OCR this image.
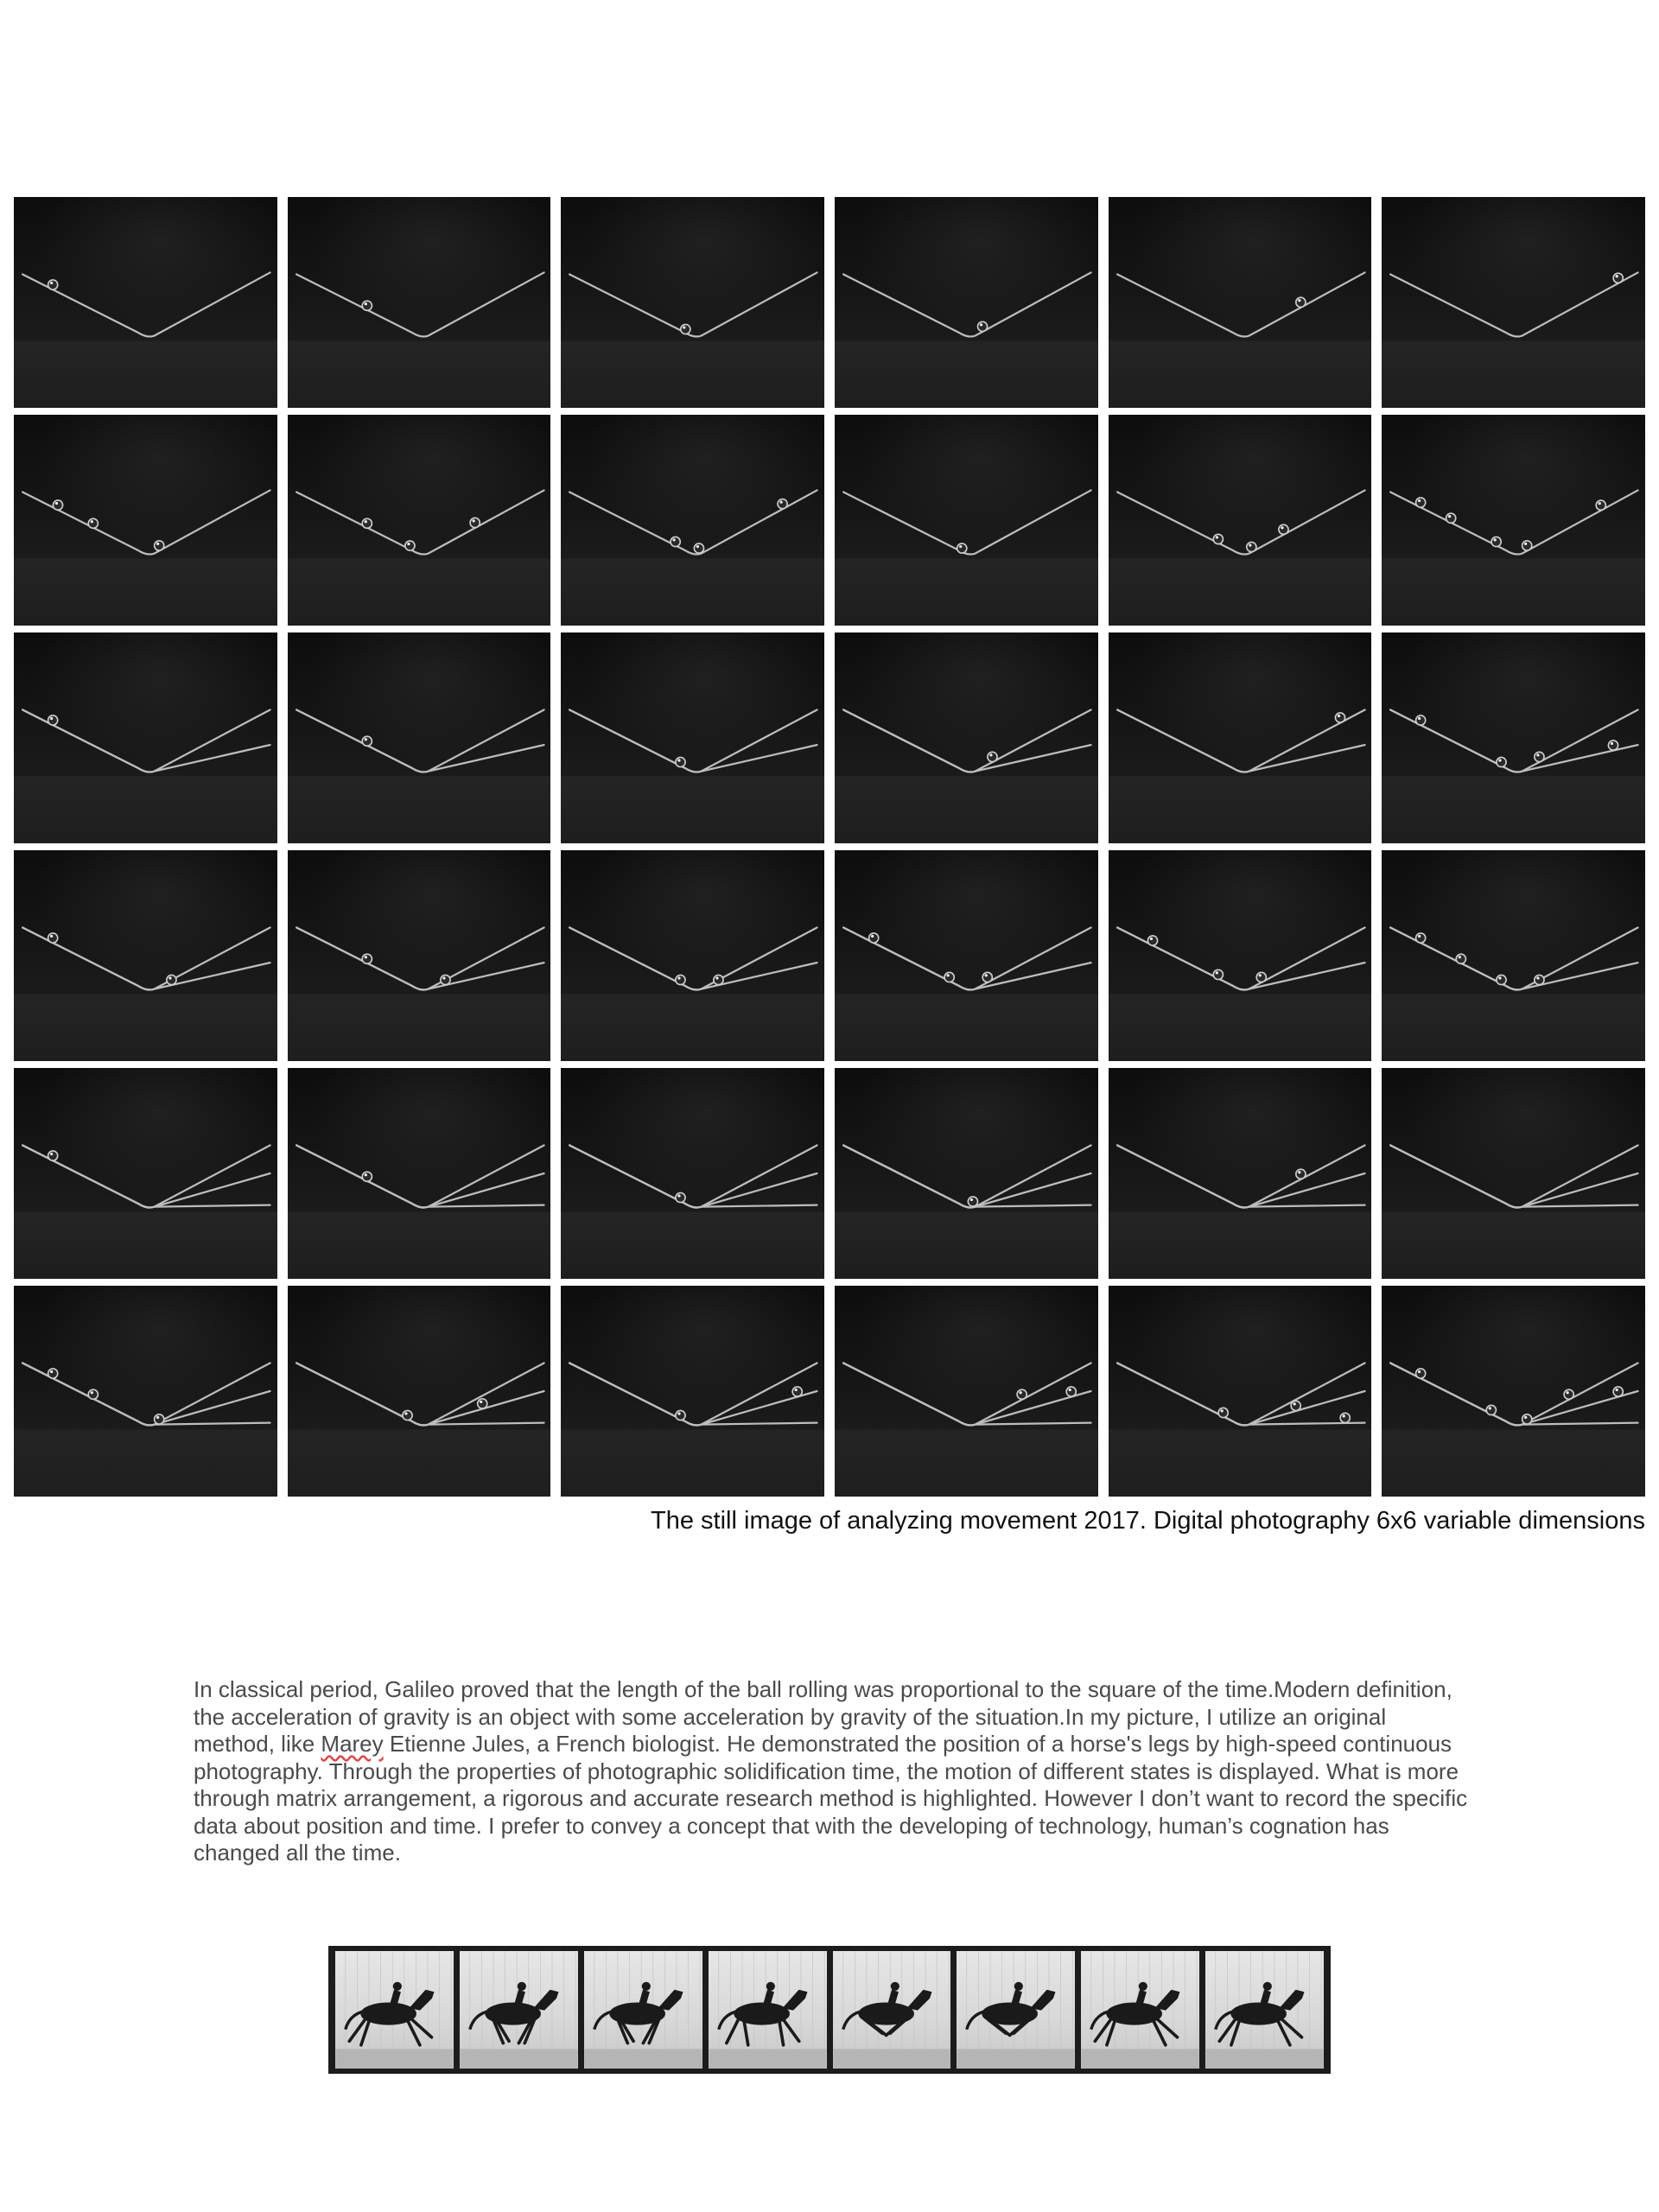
The still image of analyzing movement 2017. Digital photography 6x6 variable dimensions

In classical period, Galileo proved that the length of the ball rolling was proportional to the square of the time.Modern definition, the acceleration of gravity is an object with some acceleration by gravity of the situation.In my picture, I utilize an original method, like Marey Etienne Jules, a French biologist. He demonstrated the position of a horse's legs by high-speed continuous photography. Through the properties of photographic solidification time, the motion of different states is displayed. What is more through matrix arrangement, a rigorous and accurate research method is highlighted. However I don’t want to record the specific data about position and time. I prefer to convey a concept that with the developing of technology, human’s cognation has changed all the time.
